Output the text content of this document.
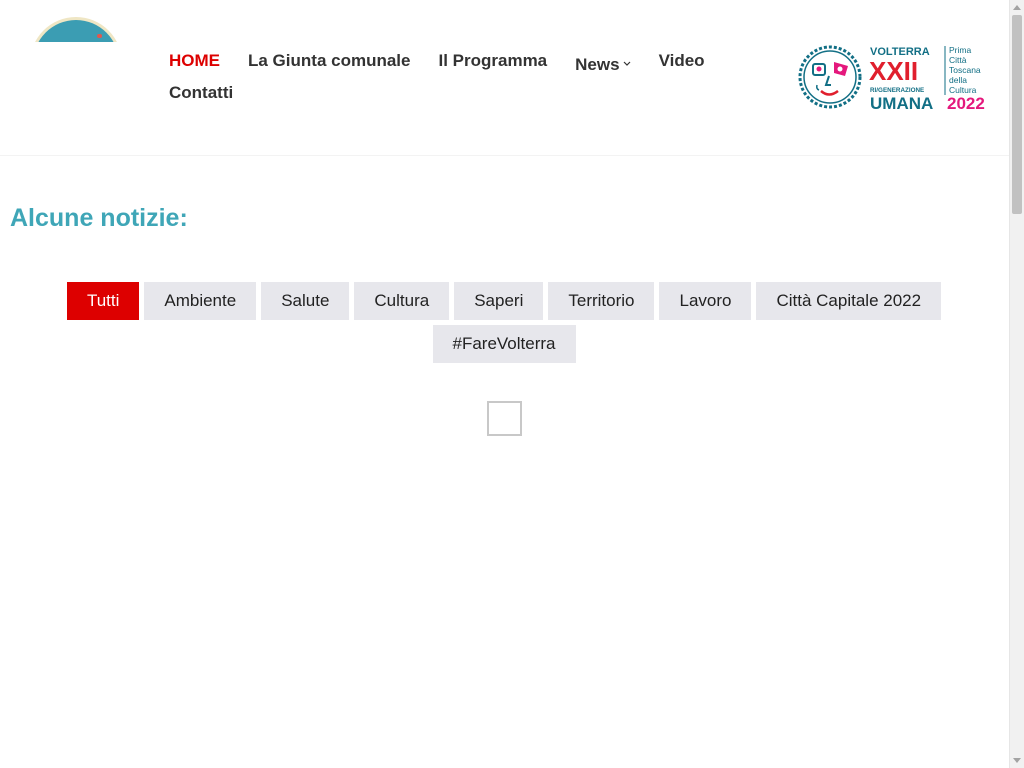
HOME La Giunta comunale Il Programma News	Video
Contatti
VOLTERRA
XXII
RI/GENERAZIONE
UMANA
Prima
Città
Toscana
della
Cultura
2022
Alcune notizie:
Tutti	Ambiente	Salute	Cultura	Saperi	Territorio	Lavoro	Città Capitale 2022
#FareVolterra
